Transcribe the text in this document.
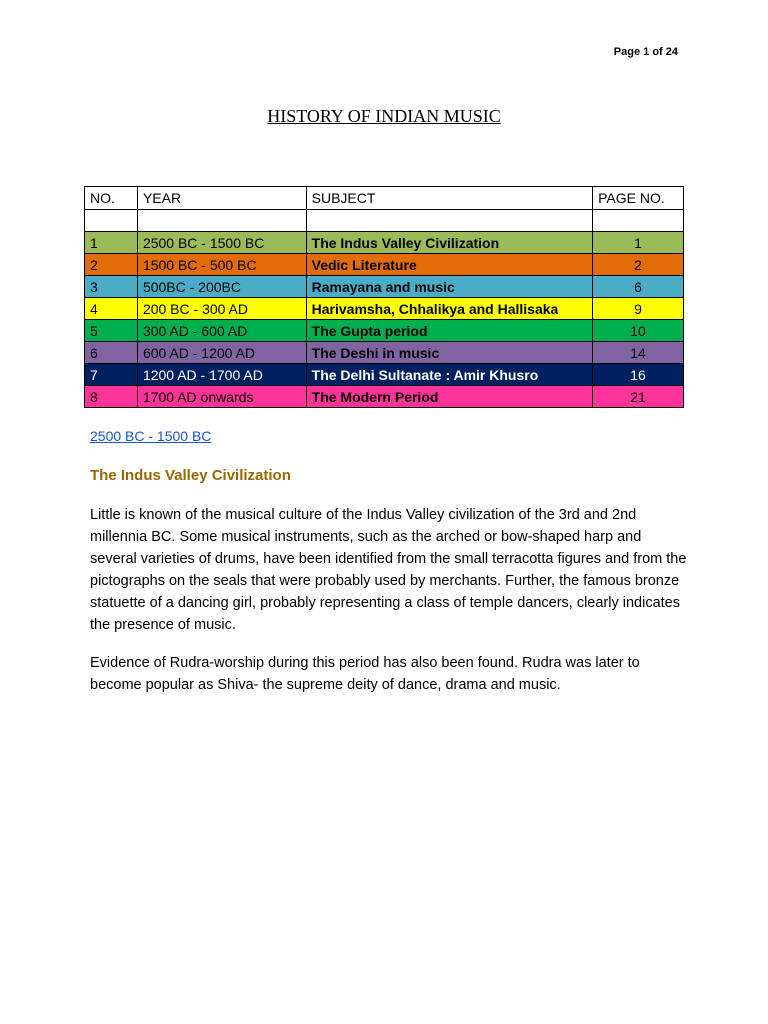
Page 1 of 24
HISTORY OF INDIAN MUSIC
NO.	YEAR	SUBJECT	PAGE NO.

1	2500 BC - 1500 BC	The Indus Valley Civilization	1
2	1500 BC - 500 BC	Vedic Literature	2
3	500BC - 200BC	Ramayana and music	6
4	200 BC - 300 AD	Harivamsha, Chhalikya and Hallisaka	9
5	300 AD - 600 AD	The Gupta period	10
6	600 AD - 1200 AD	The Deshi in music	14
7	1200 AD - 1700 AD	The Delhi Sultanate : Amir Khusro	16
8	1700 AD onwards	The Modern Period	21
2500 BC - 1500 BC
The Indus Valley Civilization

Little is known of the musical culture of the Indus Valley civilization of the 3rd and 2nd millennia BC. Some musical instruments, such as the arched or bow-shaped harp and several varieties of drums, have been identified from the small terracotta figures and from the pictographs on the seals that were probably used by merchants. Further, the famous bronze statuette of a dancing girl, probably representing a class of temple dancers, clearly indicates the presence of music.

Evidence of Rudra-worship during this period has also been found. Rudra was later to become popular as Shiva- the supreme deity of dance, drama and music.
